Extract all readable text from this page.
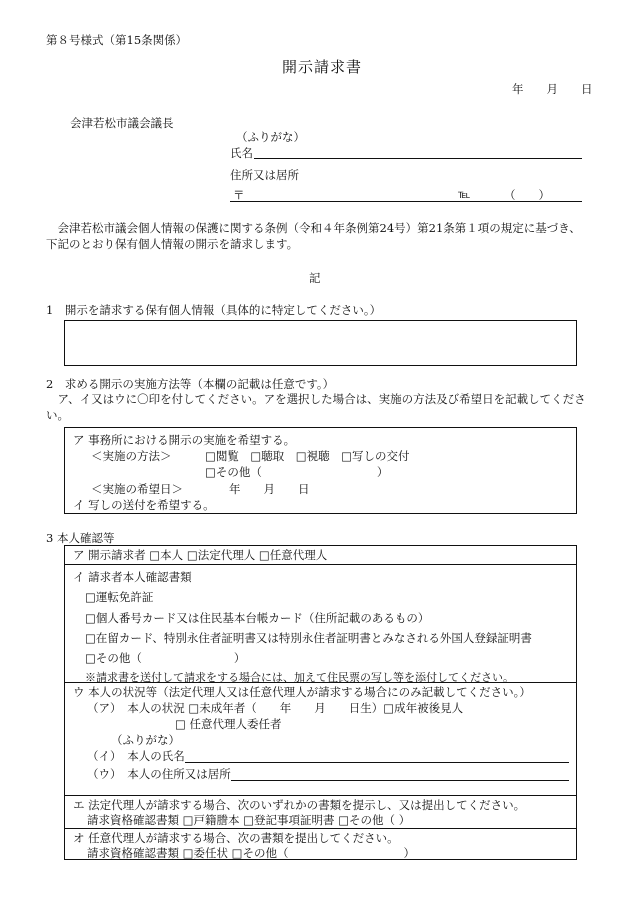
第８号様式（第15条関係）
開示請求書
年　　月　　日
会津若松市議会議長
（ふりがな）
氏名
住所又は居所
〒	℡	（　　）
　会津若松市議会個人情報の保護に関する条例（令和４年条例第24号）第21条第１項の規定に基づき、下記のとおり保有個人情報の開示を請求します。
記
1　開示を請求する保有個人情報（具体的に特定してください。）
2　求める開示の実施方法等（本欄の記載は任意です。）
　ア、イ又はウに〇印を付してください。アを選択した場合は、実施の方法及び希望日を記載してください。
ア 事務所における開示の実施を希望する。
＜実施の方法＞	□閲覧　□聴取　□視聴　□写しの交付
□その他（　　　　　　　　　　）
＜実施の希望日＞	年　　月　　日
イ 写しの送付を希望する。
3 本人確認等
ア 開示請求者 □本人 □法定代理人 □任意代理人
イ 請求者本人確認書類
□運転免許証
□個人番号カード又は住民基本台帳カード（住所記載のあるもの）
□在留カード、特別永住者証明書又は特別永住者証明書とみなされる外国人登録証明書
□その他（　　　　　　　　）
※請求書を送付して請求をする場合には、加えて住民票の写し等を添付してください。
ウ 本人の状況等（法定代理人又は任意代理人が請求する場合にのみ記載してください。）
（ア）　本人の状況 □未成年者（　　年　　月　　日生）□成年被後見人
□ 任意代理人委任者
（ふりがな）
（イ）　本人の氏名
（ウ）　本人の住所又は居所
エ 法定代理人が請求する場合、次のいずれかの書類を提示し、又は提出してください。
請求資格確認書類 □戸籍謄本 □登記事項証明書 □その他（ ）
オ 任意代理人が請求する場合、次の書類を提出してください。
請求資格確認書類 □委任状 □その他（　　　　　　　　　　）
